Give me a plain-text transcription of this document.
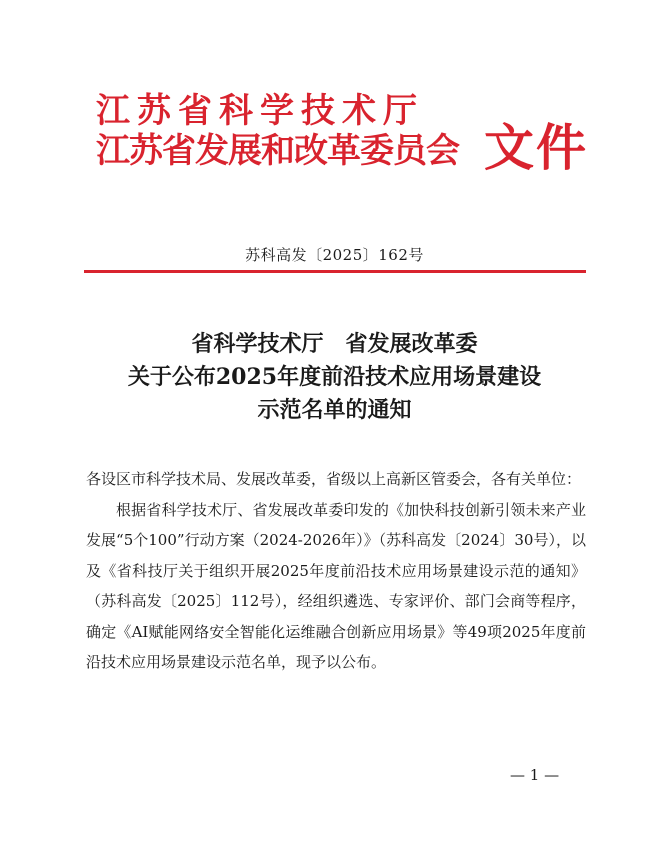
江苏省科学技术厅
江苏省发展和改革委员会 文件
苏科高发〔2025〕162号
省科学技术厅　省发展改革委
关于公布2025年度前沿技术应用场景建设
示范名单的通知

各设区市科学技术局、发展改革委，省级以上高新区管委会，各有关单位：

根据省科学技术厅、省发展改革委印发的《加快科技创新引领未来产业发展“5个100”行动方案（2024-2026年）》（苏科高发〔2024〕30号），以及《省科技厅关于组织开展2025年度前沿技术应用场景建设示范的通知》（苏科高发〔2025〕112号），经组织遴选、专家评价、部门会商等程序，确定《AI赋能网络安全智能化运维融合创新应用场景》等49项2025年度前沿技术应用场景建设示范名单，现予以公布。

— 1 —
